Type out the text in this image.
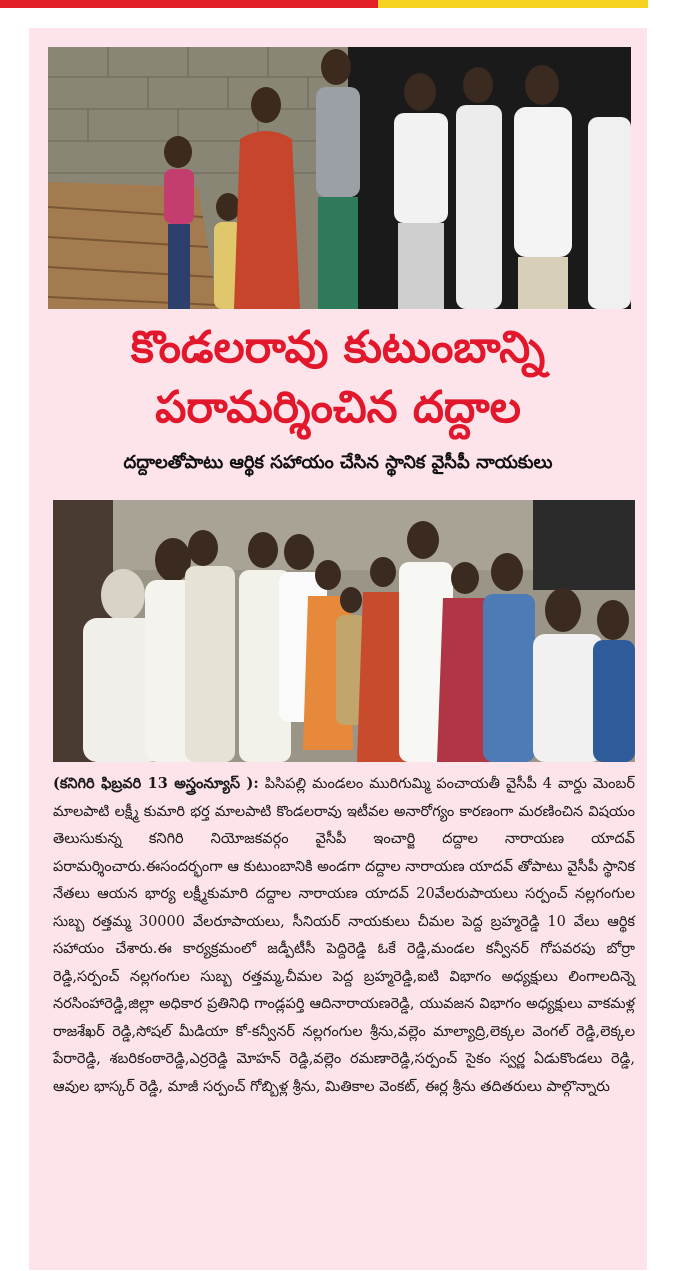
కొండలరావు కుటుంబాన్ని
పరామర్శించిన దద్దాల
దద్దాలతోపాటు ఆర్థిక సహాయం చేసిన స్థానిక వైసీపీ నాయకులు
(కనిగిరి ఫిబ్రవరి 13 అస్త్రంన్యూస్ ): పిసిపల్లి మండలం మురిగుమ్మి పంచాయతీ వైసీపీ 4 వార్డు మెంబర్ మాలపాటి లక్ష్మీ కుమారి భర్త మాలపాటి కొండలరావు ఇటీవల అనారోగ్యం కారణంగా మరణించిన విషయం తెలుసుకున్న కనిగిరి నియోజకవర్గం వైసీపీ ఇంచార్జి దద్దాల నారాయణ యాదవ్ పరామర్శించారు.ఈసందర్భంగా ఆ కుటుంబానికి అండగా దద్దాల నారాయణ యాదవ్ తోపాటు వైసీపీ స్థానిక నేతలు ఆయన భార్య లక్ష్మీకుమారి దద్దాల నారాయణ యాదవ్ 20వేలరుపాయలు సర్పంచ్ నల్లగంగుల సుబ్బ రత్తమ్మ 30000 వేలరూపాయలు, సీనియర్ నాయకులు చీమల పెద్ద బ్రహ్మరెడ్డి 10 వేలు ఆర్థిక సహాయం చేశారు.ఈ కార్యక్రమంలో జడ్పీటీసీ పెద్దిరెడ్డి ఓకే రెడ్డి,మండల కన్వీనర్ గోపవరపు బోర్రా రెడ్డి,సర్పంచ్ నల్లగంగుల సుబ్బ రత్తమ్మ,చీమల పెద్ద బ్రహ్మరెడ్డి,ఐటి విభాగం అధ్యక్షులు లింగాలదిన్నె నరసింహారెడ్డి,జిల్లా అధికార ప్రతినిధి గాండ్లపర్తి ఆదినారాయణరెడ్డి, యువజన విభాగం అధ్యక్షులు వాకమళ్ల రాజశేఖర్ రెడ్డి,సోషల్ మీడియా కో-కన్వీనర్ నల్లగంగుల శ్రీను,వల్లెం మాల్యాద్రి,లెక్కల వెంగల్ రెడ్డి,లెక్కల పేరారెడ్డి, శబరికంఠారెడ్డి,ఎర్రరెడ్డి మోహన్ రెడ్డి,వల్లెం రమణారెడ్డి,సర్పంచ్ సైకం స్వర్ణ ఏడుకొండలు రెడ్డి, ఆవుల భాస్కర్ రెడ్డి, మాజీ సర్పంచ్ గోబ్బిళ్ల శ్రీను, మితికాల వెంకట్, ఈర్ల శ్రీను తదితరులు పాల్గొన్నారు
